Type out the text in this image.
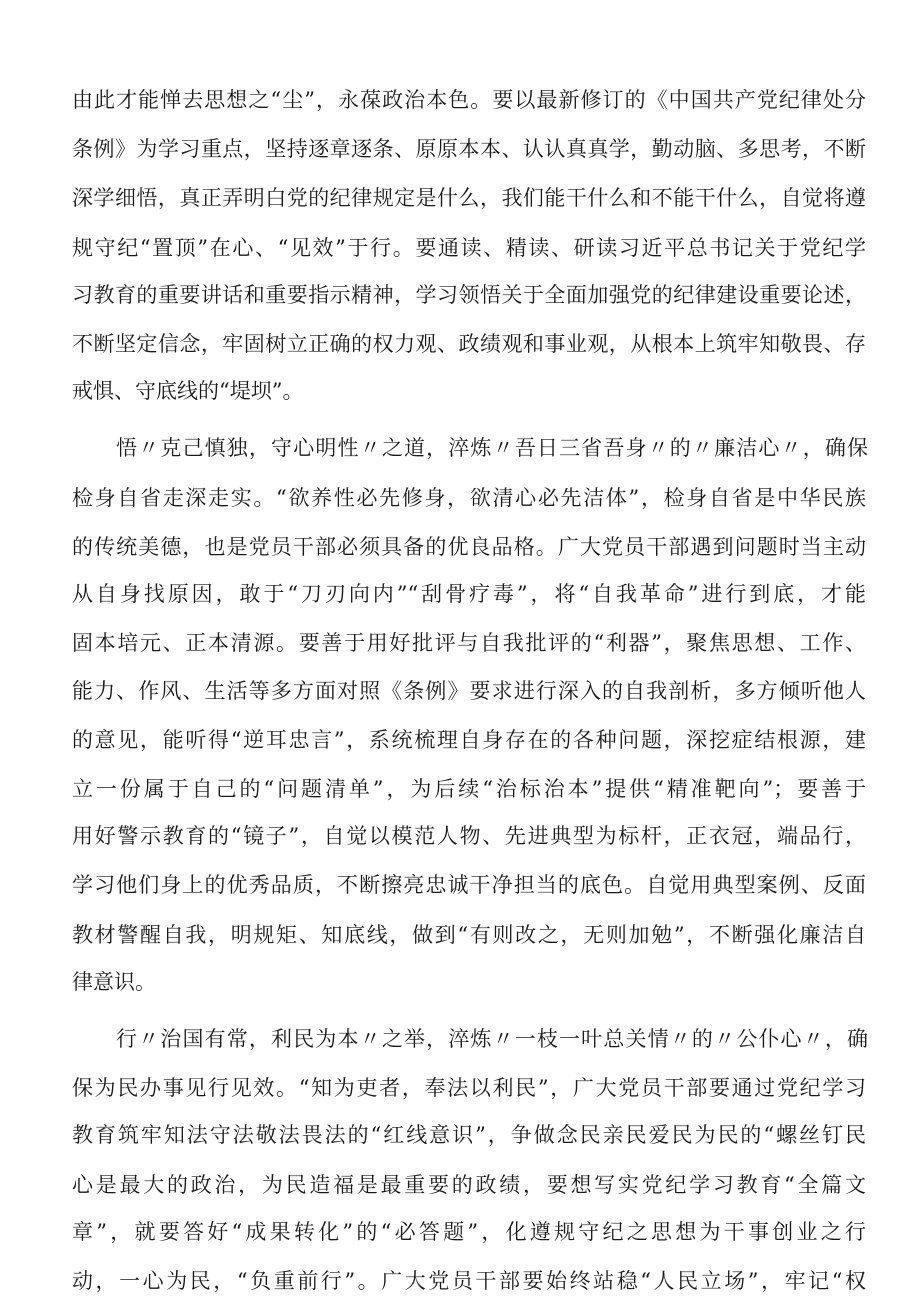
由此才能惮去思想之“尘”，永葆政治本色。要以最新修订的《中国共产党纪律处分
条例》为学习重点，坚持逐章逐条、原原本本、认认真真学，勤动脑、多思考，不断
深学细悟，真正弄明白党的纪律规定是什么，我们能干什么和不能干什么，自觉将遵
规守纪“置顶”在心、“见效”于行。要通读、精读、研读习近平总书记关于党纪学
习教育的重要讲话和重要指示精神，学习领悟关于全面加强党的纪律建设重要论述，
不断坚定信念，牢固树立正确的权力观、政绩观和事业观，从根本上筑牢知敬畏、存
戒惧、守底线的“堤坝”。
悟〃克己慎独，守心明性〃之道，淬炼〃吾日三省吾身〃的〃廉洁心〃，确保
检身自省走深走实。“欲养性必先修身，欲清心必先洁体”，检身自省是中华民族
的传统美德，也是党员干部必须具备的优良品格。广大党员干部遇到问题时当主动
从自身找原因，敢于“刀刃向内”“刮骨疗毒”，将“自我革命”进行到底，才能
固本培元、正本清源。要善于用好批评与自我批评的“利器”，聚焦思想、工作、
能力、作风、生活等多方面对照《条例》要求进行深入的自我剖析，多方倾听他人
的意见，能听得“逆耳忠言”，系统梳理自身存在的各种问题，深挖症结根源，建
立一份属于自己的“问题清单”，为后续“治标治本”提供“精准靶向”；要善于
用好警示教育的“镜子”，自觉以模范人物、先进典型为标杆，正衣冠，端品行，
学习他们身上的优秀品质，不断擦亮忠诚干净担当的底色。自觉用典型案例、反面
教材警醒自我，明规矩、知底线，做到“有则改之，无则加勉”，不断强化廉洁自
律意识。
行〃治国有常，利民为本〃之举，淬炼〃一枝一叶总关情〃的〃公仆心〃，确
保为民办事见行见效。“知为吏者，奉法以利民”，广大党员干部要通过党纪学习
教育筑牢知法守法敬法畏法的“红线意识”，争做念民亲民爱民为民的“螺丝钉民
心是最大的政治，为民造福是最重要的政绩，要想写实党纪学习教育“全篇文
章”，就要答好“成果转化”的“必答题”，化遵规守纪之思想为干事创业之行
动，一心为民，“负重前行”。广大党员干部要始终站稳“人民立场”，牢记“权
